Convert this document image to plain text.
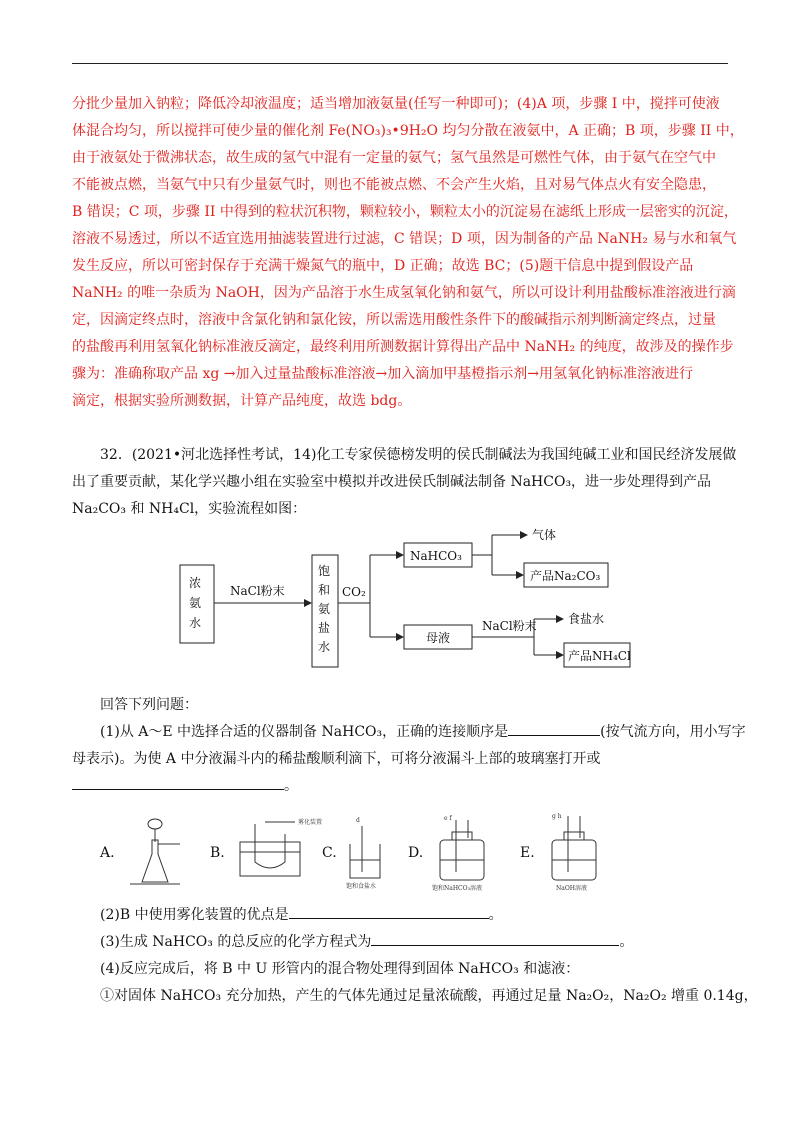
分批少量加入钠粒；降低冷却液温度；适当增加液氨量(任写一种即可)；(4)A 项，步骤 I 中，搅拌可使液
体混合均匀，所以搅拌可使少量的催化剂 Fe(NO₃)₃•9H₂O 均匀分散在液氨中，A 正确；B 项，步骤 II 中，
由于液氨处于微沸状态，故生成的氢气中混有一定量的氨气；氢气虽然是可燃性气体，由于氨气在空气中
不能被点燃，当氨气中只有少量氨气时，则也不能被点燃、不会产生火焰，且对易气体点火有安全隐患，
B 错误；C 项，步骤 II 中得到的粒状沉积物，颗粒较小，颗粒太小的沉淀易在滤纸上形成一层密实的沉淀，
溶液不易透过，所以不适宜选用抽滤装置进行过滤，C 错误；D 项，因为制备的产品 NaNH₂ 易与水和氧气
发生反应，所以可密封保存于充满干燥氮气的瓶中，D 正确；故选 BC；(5)题干信息中提到假设产品
NaNH₂ 的唯一杂质为 NaOH，因为产品溶于水生成氢氧化钠和氨气，所以可设计利用盐酸标准溶液进行滴
定，因滴定终点时，溶液中含氯化钠和氯化铵，所以需选用酸性条件下的酸碱指示剂判断滴定终点，过量
的盐酸再利用氢氧化钠标准液反滴定，最终利用所测数据计算得出产品中 NaNH₂ 的纯度，故涉及的操作步
骤为：准确称取产品 xg →加入过量盐酸标准溶液→加入滴加甲基橙指示剂→用氢氧化钠标准溶液进行
滴定，根据实验所测数据，计算产品纯度，故选 bdg。
32．(2021•河北选择性考试，14)化工专家侯德榜发明的侯氏制碱法为我国纯碱工业和国民经济发展做
出了重要贡献，某化学兴趣小组在实验室中模拟并改进侯氏制碱法制备 NaHCO₃，进一步处理得到产品
Na₂CO₃ 和 NH₄Cl，实验流程如图：
浓
氨
水
NaCl粉末
饱
和
氨
盐
水
CO₂
NaHCO₃
气体
产品Na₂CO₃
母液
NaCl粉末	食盐水
产品NH₄Cl
回答下列问题：
(1)从 A～E 中选择合适的仪器制备 NaHCO₃，正确的连接顺序是	(按气流方向，用小写字
母表示)。为使 A 中分液漏斗内的稀盐酸顺利滴下，可将分液漏斗上部的玻璃塞打开或
。
A.	B.
雾化装置
C.
d
饱和食盐水
D.
e f
饱和NaHCO₃溶液
E.
g h
NaOH溶液
(2)B 中使用雾化装置的优点是	。
(3)生成 NaHCO₃ 的总反应的化学方程式为	。
(4)反应完成后，将 B 中 U 形管内的混合物处理得到固体 NaHCO₃ 和滤液：
①对固体 NaHCO₃ 充分加热，产生的气体先通过足量浓硫酸，再通过足量 Na₂O₂，Na₂O₂ 增重 0.14g，
